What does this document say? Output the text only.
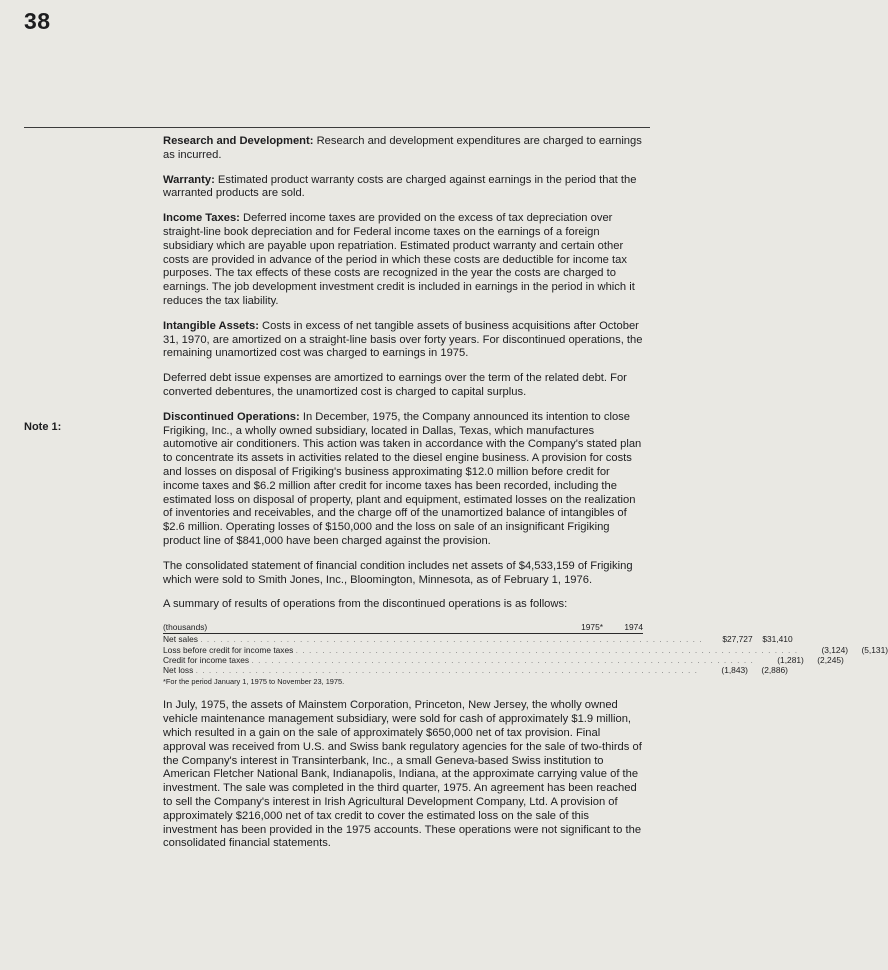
38
Note 1:

Research and Development: Research and development expenditures are charged to earnings as incurred.

Warranty: Estimated product warranty costs are charged against earnings in the period that the warranted products are sold.

Income Taxes: Deferred income taxes are provided on the excess of tax depreciation over straight-line book depreciation and for Federal income taxes on the earnings of a foreign subsidiary which are payable upon repatriation. Estimated product warranty and certain other costs are provided in advance of the period in which these costs are deductible for income tax purposes. The tax effects of these costs are recognized in the year the costs are charged to earnings. The job development investment credit is included in earnings in the period in which it reduces the tax liability.

Intangible Assets: Costs in excess of net tangible assets of business acquisitions after October 31, 1970, are amortized on a straight-line basis over forty years. For discontinued operations, the remaining unamortized cost was charged to earnings in 1975.

Deferred debt issue expenses are amortized to earnings over the term of the related debt. For converted debentures, the unamortized cost is charged to capital surplus.

Discontinued Operations: In December, 1975, the Company announced its intention to close Frigiking, Inc., a wholly owned subsidiary, located in Dallas, Texas, which manufactures automotive air conditioners. This action was taken in accordance with the Company's stated plan to concentrate its assets in activities related to the diesel engine business. A provision for costs and losses on disposal of Frigiking's business approximating $12.0 million before credit for income taxes and $6.2 million after credit for income taxes has been recorded, including the estimated loss on disposal of property, plant and equipment, estimated losses on the realization of inventories and receivables, and the charge off of the unamortized balance of intangibles of $2.6 million. Operating losses of $150,000 and the loss on sale of an insignificant Frigiking product line of $841,000 have been charged against the provision.

The consolidated statement of financial condition includes net assets of $4,533,159 of Frigiking which were sold to Smith Jones, Inc., Bloomington, Minnesota, as of February 1, 1976.

A summary of results of operations from the discontinued operations is as follows:

(thousands)	1975*	1974
Net sales . . . . . . . . . . . . . . . . . . . . . . . . . . . . . . . . . . . . . . . . . . . . . . . . . . . . . . . . . . . . . . . . . . . . . . . . . . . .	$27,727	$31,410
Loss before credit for income taxes . . . . . . . . . . . . . . . . . . . . . . . . . . . . . . . . . . . . . . . . . . . . . . . . . . . . . . . . . . . . . . . . . . . . . . . . . . . .	(3,124)	(5,131)
Credit for income taxes . . . . . . . . . . . . . . . . . . . . . . . . . . . . . . . . . . . . . . . . . . . . . . . . . . . . . . . . . . . . . . . . . . . . . . . . . . . .	(1,281)	(2,245)
Net loss . . . . . . . . . . . . . . . . . . . . . . . . . . . . . . . . . . . . . . . . . . . . . . . . . . . . . . . . . . . . . . . . . . . . . . . . . . . .	(1,843)	(2,886)
*For the period January 1, 1975 to November 23, 1975.

In July, 1975, the assets of Mainstem Corporation, Princeton, New Jersey, the wholly owned vehicle maintenance management subsidiary, were sold for cash of approximately $1.9 million, which resulted in a gain on the sale of approximately $650,000 net of tax provision. Final approval was received from U.S. and Swiss bank regulatory agencies for the sale of two-thirds of the Company's interest in Transinterbank, Inc., a small Geneva-based Swiss institution to American Fletcher National Bank, Indianapolis, Indiana, at the approximate carrying value of the investment. The sale was completed in the third quarter, 1975. An agreement has been reached to sell the Company's interest in Irish Agricultural Development Company, Ltd. A provision of approximately $216,000 net of tax credit to cover the estimated loss on the sale of this investment has been provided in the 1975 accounts. These operations were not significant to the consolidated financial statements.
